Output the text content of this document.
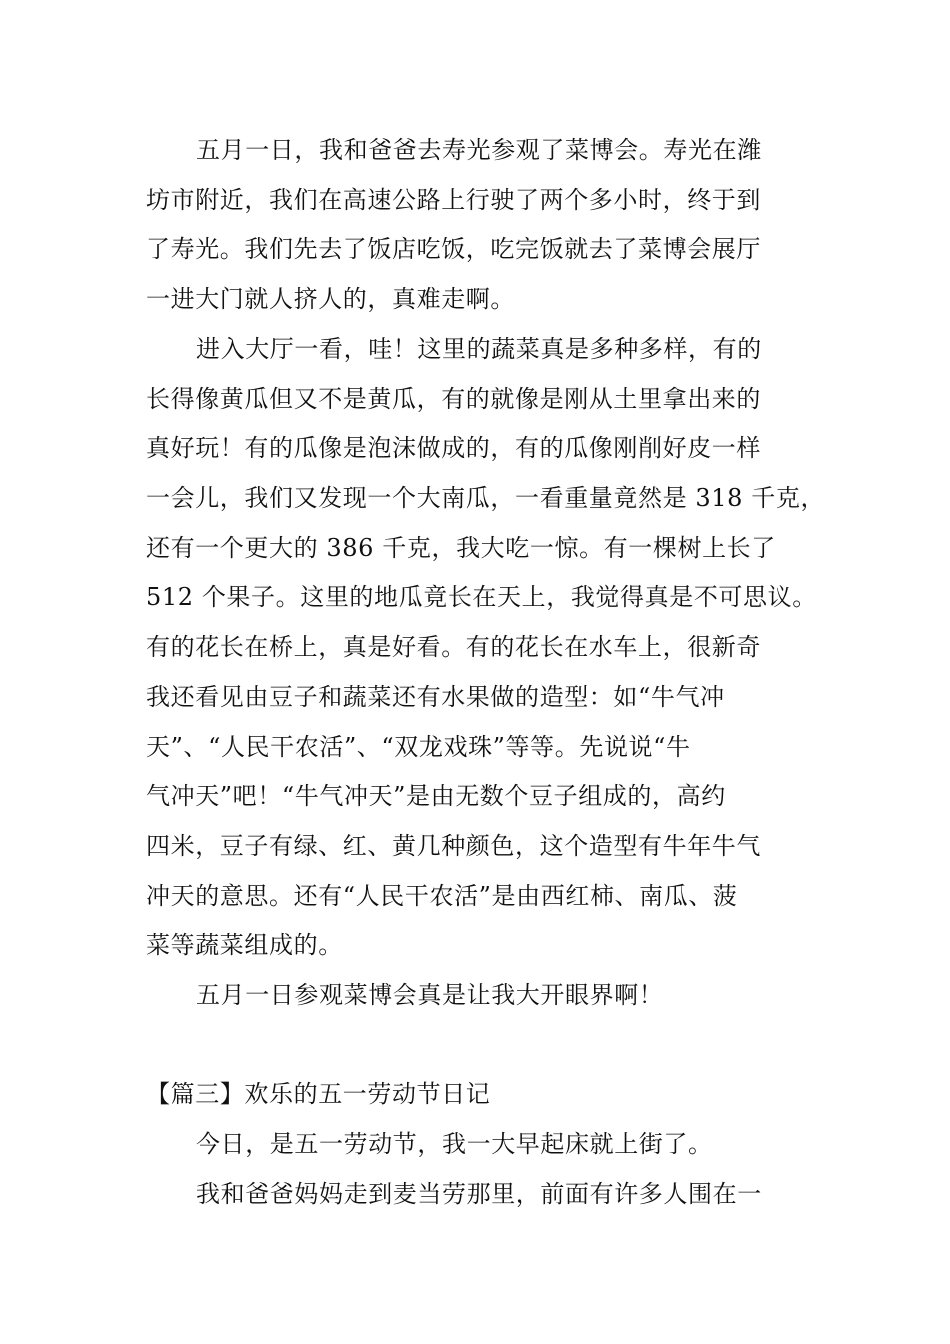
五月一日，我和爸爸去寿光参观了菜博会。寿光在潍
坊市附近，我们在高速公路上行驶了两个多小时，终于到
了寿光。我们先去了饭店吃饭，吃完饭就去了菜博会展厅
一进大门就人挤人的，真难走啊。
进入大厅一看，哇！这里的蔬菜真是多种多样，有的
长得像黄瓜但又不是黄瓜，有的就像是刚从土里拿出来的
真好玩！有的瓜像是泡沫做成的，有的瓜像刚削好皮一样
一会儿，我们又发现一个大南瓜，一看重量竟然是 318 千克，
还有一个更大的 386 千克，我大吃一惊。有一棵树上长了
512 个果子。这里的地瓜竟长在天上，我觉得真是不可思议。
有的花长在桥上，真是好看。有的花长在水车上，很新奇
我还看见由豆子和蔬菜还有水果做的造型：如“牛气冲
天”、“人民干农活”、“双龙戏珠”等等。先说说“牛
气冲天”吧！“牛气冲天”是由无数个豆子组成的，高约
四米，豆子有绿、红、黄几种颜色，这个造型有牛年牛气
冲天的意思。还有“人民干农活”是由西红柿、南瓜、菠
菜等蔬菜组成的。
五月一日参观菜博会真是让我大开眼界啊！
【篇三】欢乐的五一劳动节日记
今日，是五一劳动节，我一大早起床就上街了。
我和爸爸妈妈走到麦当劳那里，前面有许多人围在一
